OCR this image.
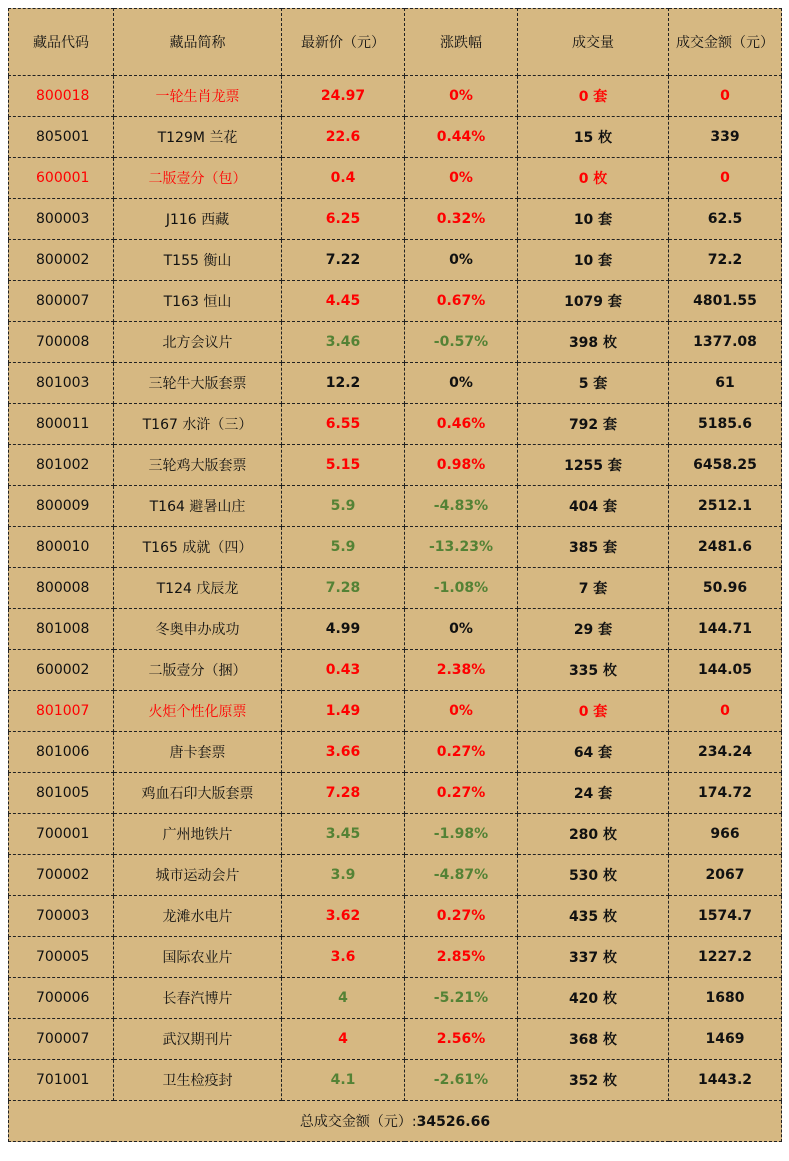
藏品代码	藏品简称	最新价（元）	涨跌幅	成交量	成交金额（元）
800018	一轮生肖龙票	24.97	0%	0 套	0
805001	T129M 兰花	22.6	0.44%	15 枚	339
600001	二版壹分（包）	0.4	0%	0 枚	0
800003	J116 西藏	6.25	0.32%	10 套	62.5
800002	T155 衡山	7.22	0%	10 套	72.2
800007	T163 恒山	4.45	0.67%	1079 套	4801.55
700008	北方会议片	3.46	-0.57%	398 枚	1377.08
801003	三轮牛大版套票	12.2	0%	5 套	61
800011	T167 水浒（三）	6.55	0.46%	792 套	5185.6
801002	三轮鸡大版套票	5.15	0.98%	1255 套	6458.25
800009	T164 避暑山庄	5.9	-4.83%	404 套	2512.1
800010	T165 成就（四）	5.9	-13.23%	385 套	2481.6
800008	T124 戊辰龙	7.28	-1.08%	7 套	50.96
801008	冬奥申办成功	4.99	0%	29 套	144.71
600002	二版壹分（捆）	0.43	2.38%	335 枚	144.05
801007	火炬个性化原票	1.49	0%	0 套	0
801006	唐卡套票	3.66	0.27%	64 套	234.24
801005	鸡血石印大版套票	7.28	0.27%	24 套	174.72
700001	广州地铁片	3.45	-1.98%	280 枚	966
700002	城市运动会片	3.9	-4.87%	530 枚	2067
700003	龙滩水电片	3.62	0.27%	435 枚	1574.7
700005	国际农业片	3.6	2.85%	337 枚	1227.2
700006	长春汽博片	4	-5.21%	420 枚	1680
700007	武汉期刊片	4	2.56%	368 枚	1469
701001	卫生检疫封	4.1	-2.61%	352 枚	1443.2
总成交金额（元）:34526.66					
